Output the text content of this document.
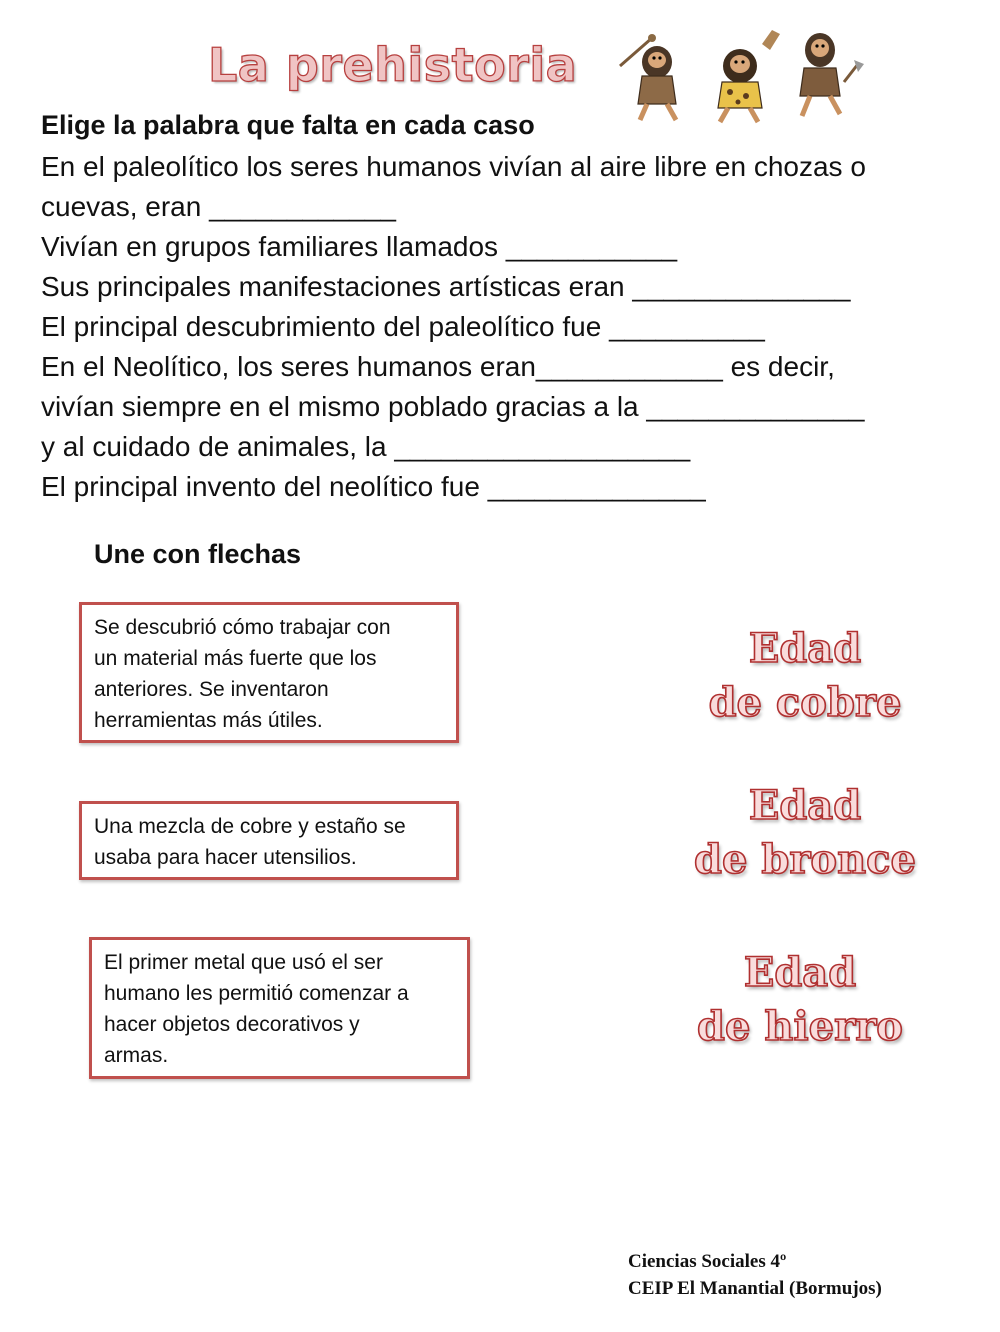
La prehistoria
Elige la palabra que falta en cada caso

En el paleolítico los seres humanos vivían al aire libre en chozas o

cuevas, eran ____________

Vivían en grupos familiares llamados ___________

Sus principales manifestaciones artísticas eran ______________

El principal descubrimiento del paleolítico fue __________

En el Neolítico, los seres humanos eran____________ es decir,

vivían siempre en el mismo poblado gracias a la ______________

y al cuidado de animales, la ___________________

El principal invento del neolítico fue ______________

Une con flechas
Se descubrió cómo trabajar con
un material más fuerte que los
anteriores. Se inventaron
herramientas más útiles.
Una mezcla de cobre y estaño se
usaba para hacer utensilios.
El primer metal que usó el ser
humano les permitió comenzar a
hacer objetos decorativos y
armas.
Edad
de cobre
Edad
de bronce
Edad
de hierro
Ciencias Sociales 4º
CEIP El Manantial (Bormujos)
